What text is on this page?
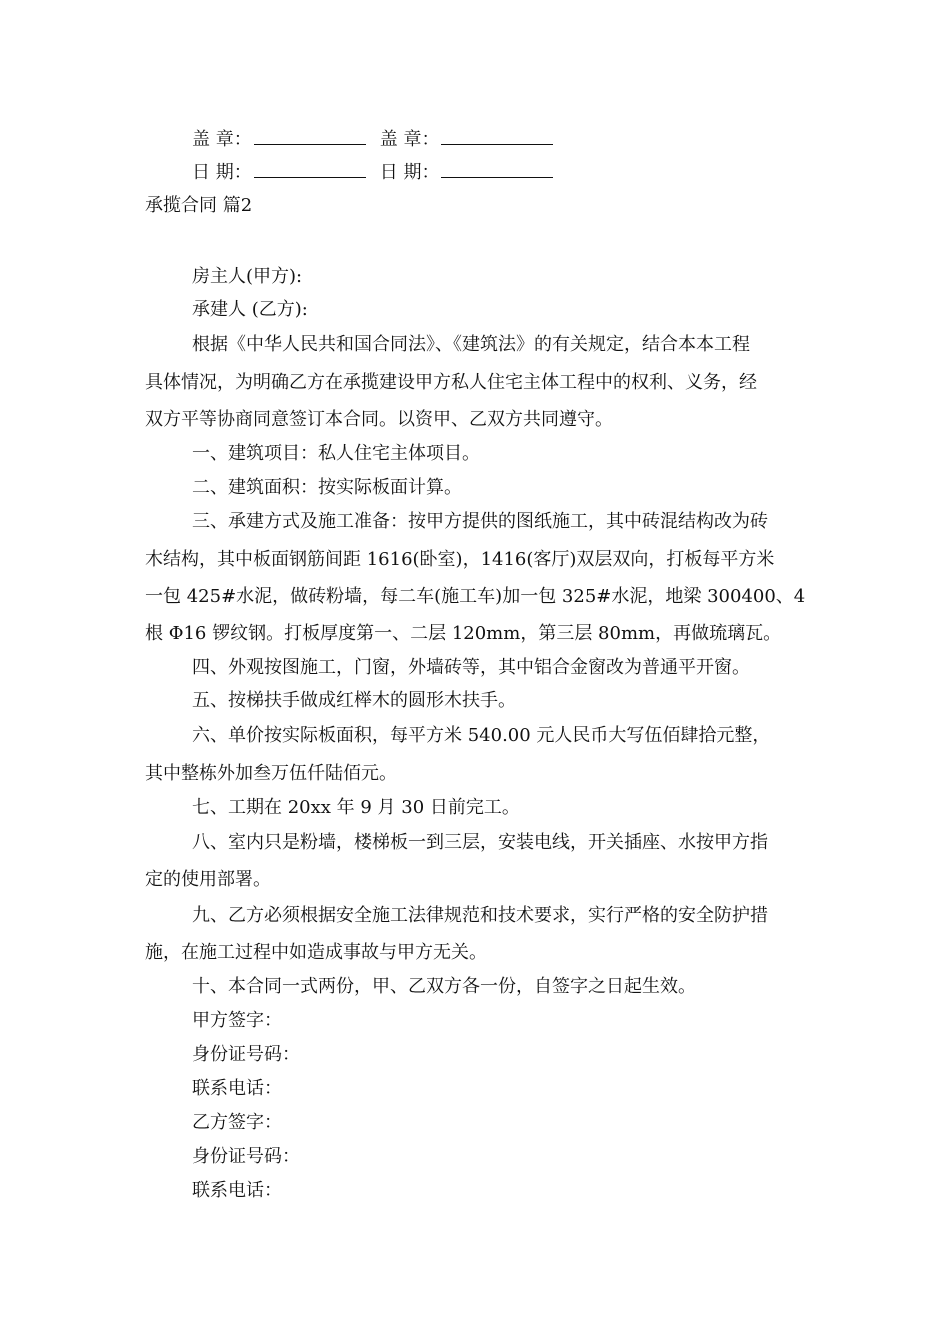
盖 章：	盖 章：
日 期：	日 期：
承揽合同 篇2
房主人(甲方):
承建人 (乙方):
根据《中华人民共和国合同法》、《建筑法》的有关规定，结合本本工程
具体情况，为明确乙方在承揽建设甲方私人住宅主体工程中的权利、义务，经
双方平等协商同意签订本合同。以资甲、乙双方共同遵守。
一、建筑项目：私人住宅主体项目。
二、建筑面积：按实际板面计算。
三、承建方式及施工准备：按甲方提供的图纸施工，其中砖混结构改为砖
木结构，其中板面钢筋间距 1616(卧室)，1416(客厅)双层双向，打板每平方米
一包 425#水泥，做砖粉墙，每二车(施工车)加一包 325#水泥，地梁 300400、4
根 Φ16 锣纹钢。打板厚度第一、二层 120mm，第三层 80mm，再做琉璃瓦。
四、外观按图施工，门窗，外墙砖等，其中铝合金窗改为普通平开窗。
五、按梯扶手做成红榉木的圆形木扶手。
六、单价按实际板面积，每平方米 540.00 元人民币大写伍佰肆拾元整，
其中整栋外加叁万伍仟陆佰元。
七、工期在 20xx 年 9 月 30 日前完工。
八、室内只是粉墙，楼梯板一到三层，安装电线，开关插座、水按甲方指
定的使用部署。
九、乙方必须根据安全施工法律规范和技术要求，实行严格的安全防护措
施，在施工过程中如造成事故与甲方无关。
十、本合同一式两份，甲、乙双方各一份，自签字之日起生效。
甲方签字：
身份证号码：
联系电话：
乙方签字：
身份证号码：
联系电话：
